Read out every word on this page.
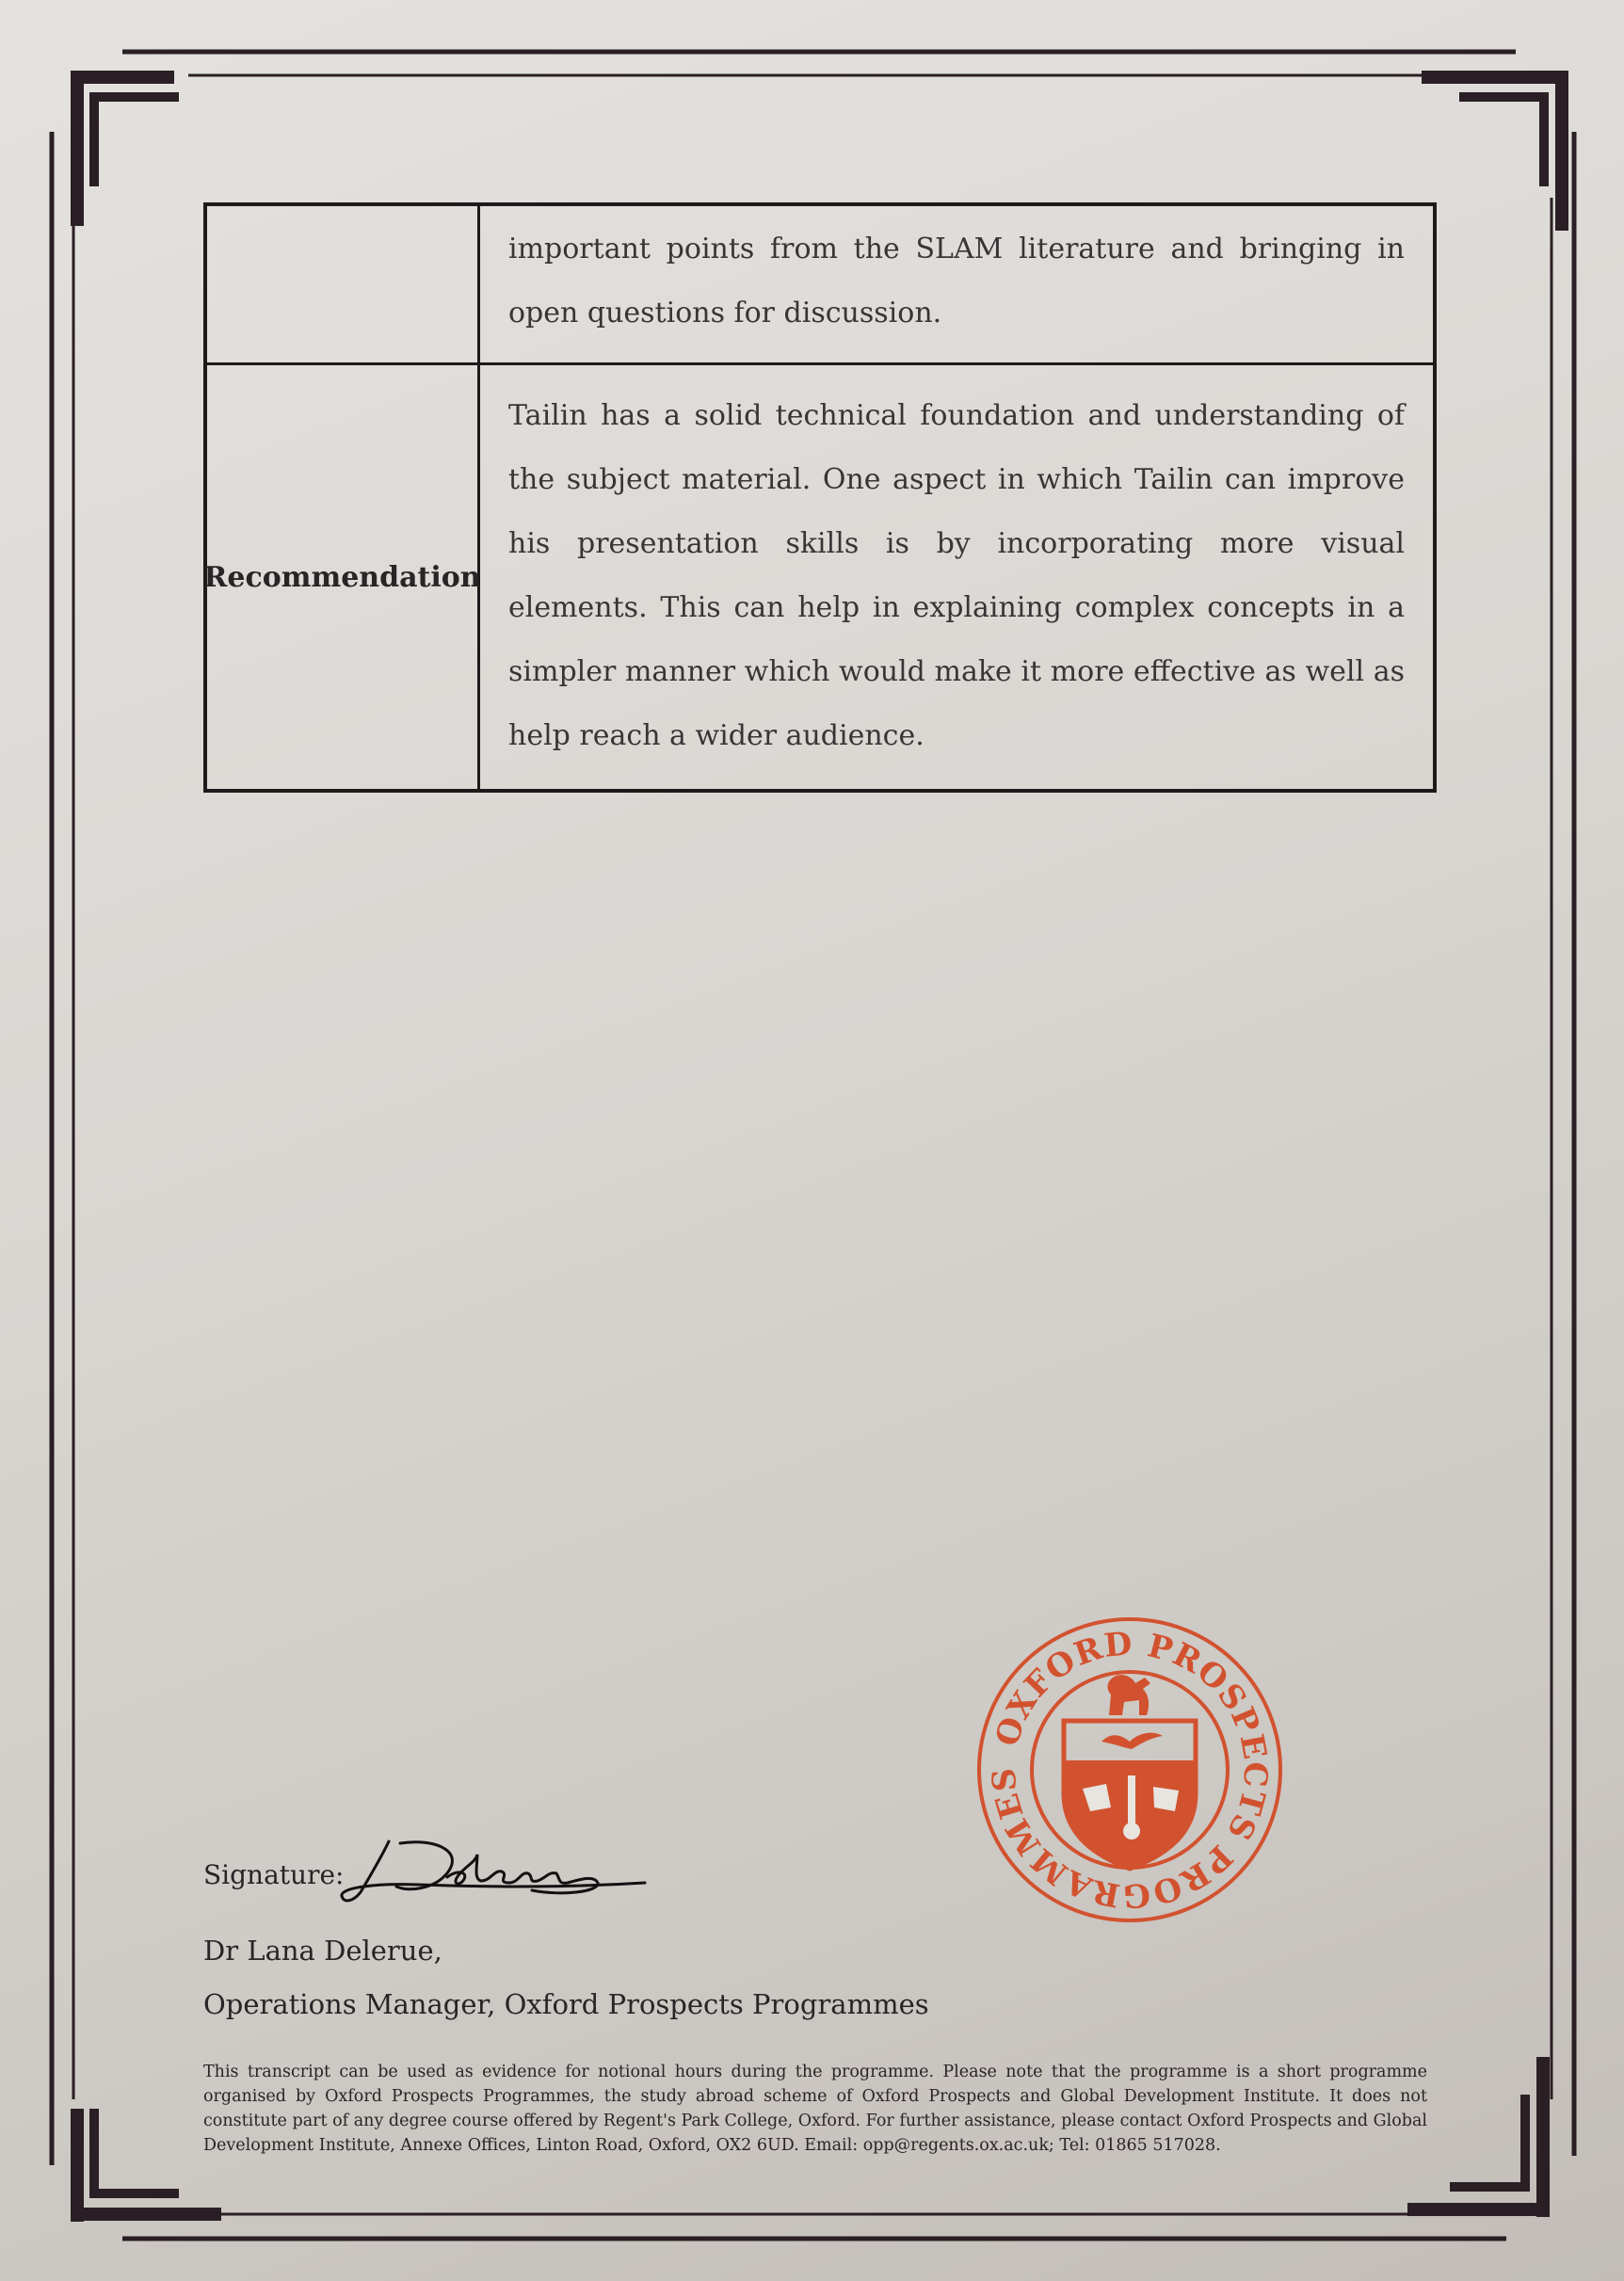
important points from the SLAM literature and bringing in open questions for discussion.
Recommendation
Tailin has a solid technical foundation and understanding of the subject material. One aspect in which Tailin can improve his presentation skills is by incorporating more visual elements. This can help in explaining complex concepts in a simpler manner which would make it more effective as well as help reach a wider audience.
Signature:
Dr Lana Delerue,
Operations Manager, Oxford Prospects Programmes
OXFORD PROSPECTS PROGRAMMES
This transcript can be used as evidence for notional hours during the programme. Please note that the programme is a short programme organised by Oxford Prospects Programmes, the study abroad scheme of Oxford Prospects and Global Development Institute. It does not constitute part of any degree course offered by Regent's Park College, Oxford. For further assistance, please contact Oxford Prospects and Global Development Institute, Annexe Offices, Linton Road, Oxford, OX2 6UD. Email: opp@regents.ox.ac.uk; Tel: 01865 517028.
